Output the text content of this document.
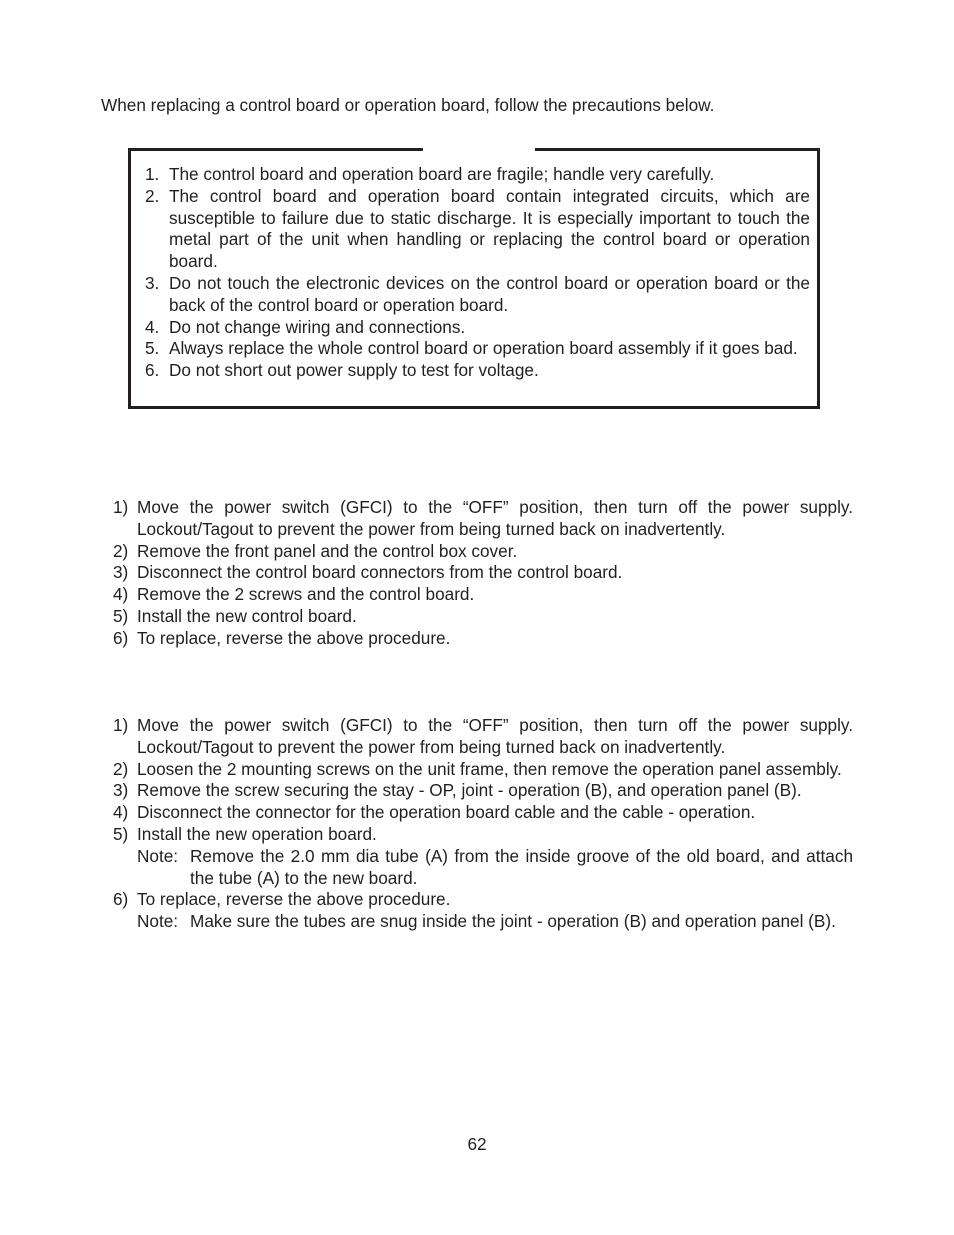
When replacing a control board or operation board, follow the precautions below.

1. The control board and operation board are fragile; handle very carefully.
2. The control board and operation board contain integrated circuits, which are susceptible to failure due to static discharge. It is especially important to touch the metal part of the unit when handling or replacing the control board or operation board.
3. Do not touch the electronic devices on the control board or operation board or the back of the control board or operation board.
4. Do not change wiring and connections.
5. Always replace the whole control board or operation board assembly if it goes bad.
6. Do not short out power supply to test for voltage.
1) Move the power switch (GFCI) to the “OFF” position, then turn off the power supply. Lockout/Tagout to prevent the power from being turned back on inadvertently.
2) Remove the front panel and the control box cover.
3) Disconnect the control board connectors from the control board.
4) Remove the 2 screws and the control board.
5) Install the new control board.
6) To replace, reverse the above procedure.
1) Move the power switch (GFCI) to the “OFF” position, then turn off the power supply. Lockout/Tagout to prevent the power from being turned back on inadvertently.
2) Loosen the 2 mounting screws on the unit frame, then remove the operation panel assembly.
3) Remove the screw securing the stay - OP, joint - operation (B), and operation panel (B).
4) Disconnect the connector for the operation board cable and the cable - operation.
5) Install the new operation board.
Note: Remove the 2.0 mm dia tube (A) from the inside groove of the old board, and attach the tube (A) to the new board.
6) To replace, reverse the above procedure.
Note: Make sure the tubes are snug inside the joint - operation (B) and operation panel (B).
62
